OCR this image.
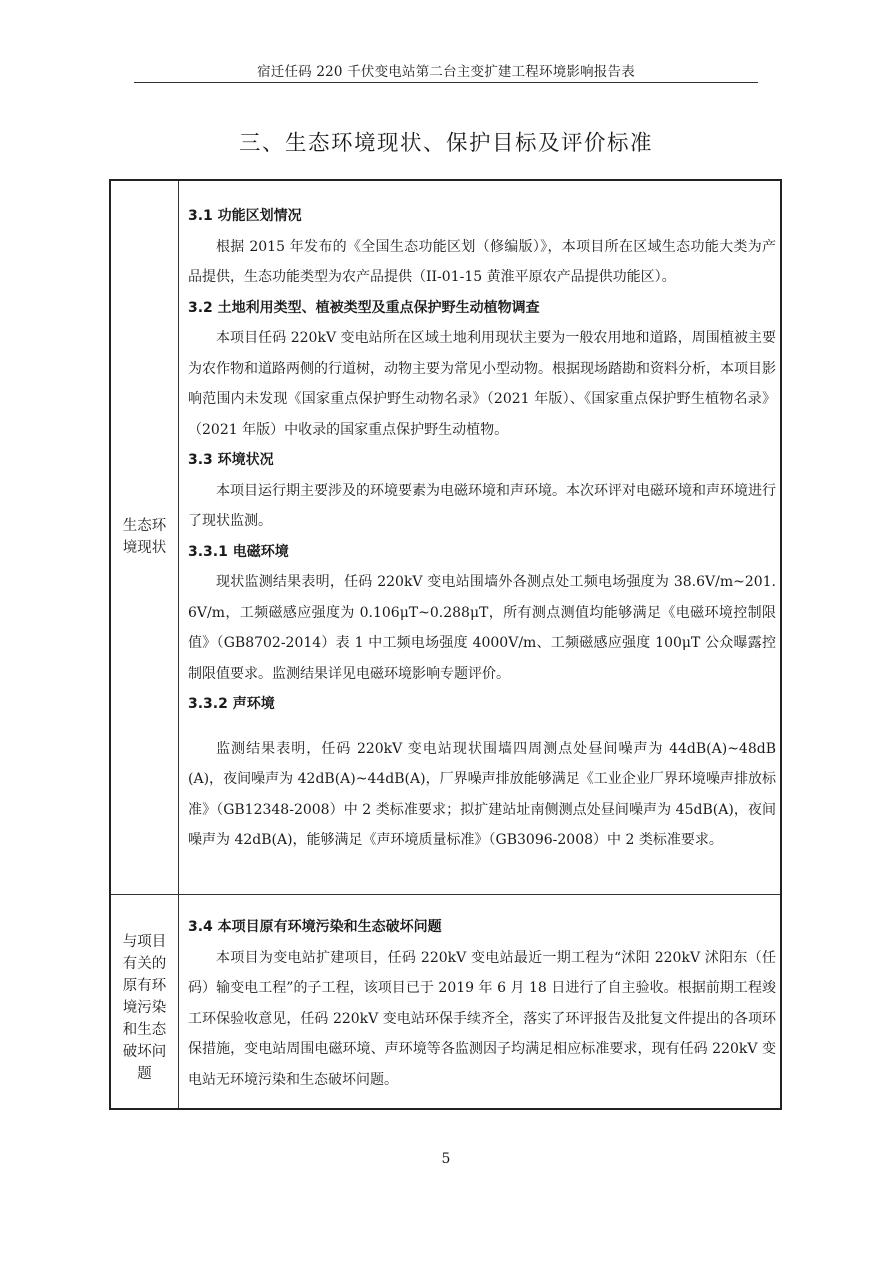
宿迁任码 220 千伏变电站第二台主变扩建工程环境影响报告表
三、生态环境现状、保护目标及评价标准
生态环境现状
与项目有关的原有环境污染和生态破坏问题
3.1 功能区划情况

根据 2015 年发布的《全国生态功能区划（修编版）》，本项目所在区域生态功能大类为产品提供，生态功能类型为农产品提供（II-01-15 黄淮平原农产品提供功能区）。

3.2 土地利用类型、植被类型及重点保护野生动植物调查

本项目任码 220kV 变电站所在区域土地利用现状主要为一般农用地和道路，周围植被主要为农作物和道路两侧的行道树，动物主要为常见小型动物。根据现场踏勘和资料分析，本项目影响范围内未发现《国家重点保护野生动物名录》（2021 年版）、《国家重点保护野生植物名录》（2021 年版）中收录的国家重点保护野生动植物。

3.3 环境状况

本项目运行期主要涉及的环境要素为电磁环境和声环境。本次环评对电磁环境和声环境进行了现状监测。

3.3.1 电磁环境

现状监测结果表明，任码 220kV 变电站围墙外各测点处工频电场强度为 38.6V/m~201.6V/m，工频磁感应强度为 0.106μT~0.288μT，所有测点测值均能够满足《电磁环境控制限值》（GB8702-2014）表 1 中工频电场强度 4000V/m、工频磁感应强度 100μT 公众曝露控制限值要求。监测结果详见电磁环境影响专题评价。

3.3.2 声环境

监测结果表明，任码 220kV 变电站现状围墙四周测点处昼间噪声为 44dB(A)~48dB(A)，夜间噪声为 42dB(A)~44dB(A)，厂界噪声排放能够满足《工业企业厂界环境噪声排放标准》（GB12348-2008）中 2 类标准要求；拟扩建站址南侧测点处昼间噪声为 45dB(A)，夜间噪声为 42dB(A)，能够满足《声环境质量标准》（GB3096-2008）中 2 类标准要求。

3.4 本项目原有环境污染和生态破坏问题

本项目为变电站扩建项目，任码 220kV 变电站最近一期工程为“沭阳 220kV 沭阳东（任码）输变电工程”的子工程，该项目已于 2019 年 6 月 18 日进行了自主验收。根据前期工程竣工环保验收意见，任码 220kV 变电站环保手续齐全，落实了环评报告及批复文件提出的各项环保措施，变电站周围电磁环境、声环境等各监测因子均满足相应标准要求，现有任码 220kV 变电站无环境污染和生态破坏问题。

5
